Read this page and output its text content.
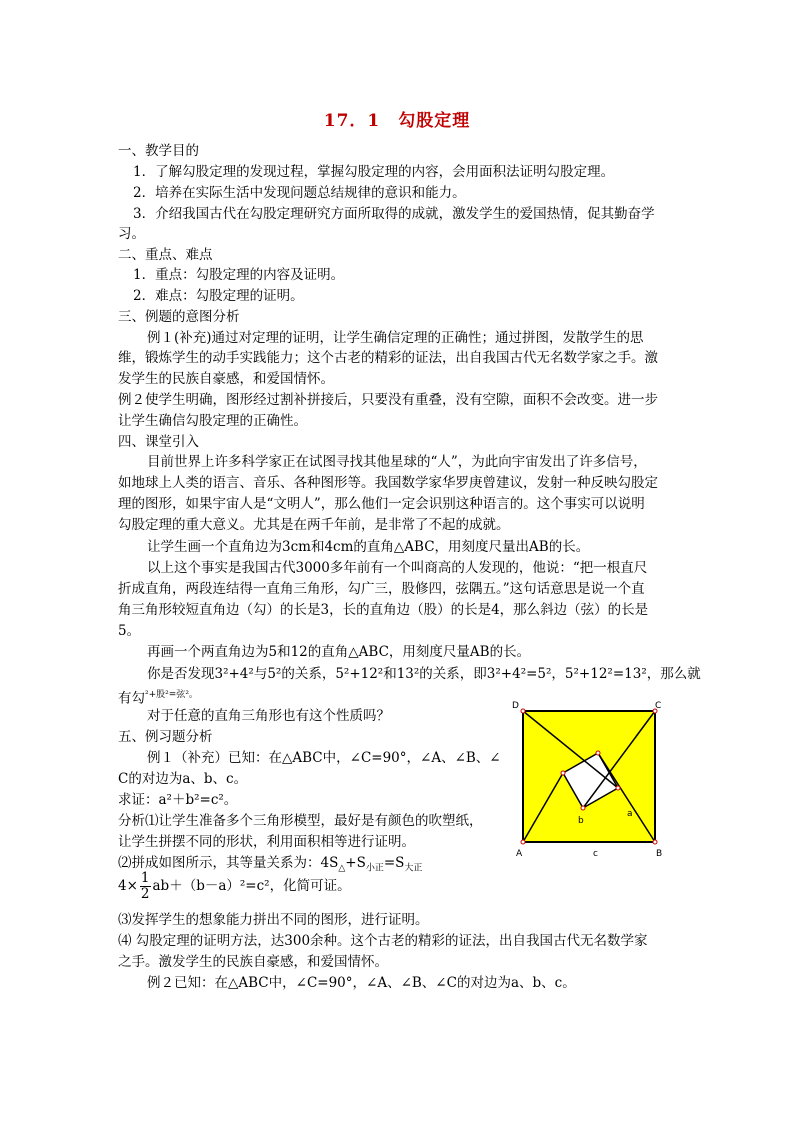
17．1　勾股定理
一、教学目的
1．了解勾股定理的发现过程，掌握勾股定理的内容，会用面积法证明勾股定理。
2．培养在实际生活中发现问题总结规律的意识和能力。
3．介绍我国古代在勾股定理研究方面所取得的成就，激发学生的爱国热情，促其勤奋学
习。
二、重点、难点
1．重点：勾股定理的内容及证明。
2．难点：勾股定理的证明。
三、例题的意图分析
例１(补充)通过对定理的证明，让学生确信定理的正确性；通过拼图，发散学生的思
维，锻炼学生的动手实践能力；这个古老的精彩的证法，出自我国古代无名数学家之手。激
发学生的民族自豪感，和爱国情怀。
例２使学生明确，图形经过割补拼接后，只要没有重叠，没有空隙，面积不会改变。进一步
让学生确信勾股定理的正确性。
四、课堂引入
目前世界上许多科学家正在试图寻找其他星球的“人”，为此向宇宙发出了许多信号，
如地球上人类的语言、音乐、各种图形等。我国数学家华罗庚曾建议，发射一种反映勾股定
理的图形，如果宇宙人是“文明人”，那么他们一定会识别这种语言的。这个事实可以说明
勾股定理的重大意义。尤其是在两千年前，是非常了不起的成就。
让学生画一个直角边为3cm和4cm的直角△ABC，用刻度尺量出AB的长。
以上这个事实是我国古代3000多年前有一个叫商高的人发现的，他说：“把一根直尺
折成直角，两段连结得一直角三角形，勾广三，股修四，弦隅五。”这句话意思是说一个直
角三角形较短直角边（勾）的长是3，长的直角边（股）的长是4，那么斜边（弦）的长是
5。
再画一个两直角边为5和12的直角△ABC，用刻度尺量AB的长。
你是否发现3²+4²与5²的关系，5²+12²和13²的关系，即3²+4²=5²，5²+12²=13²，那么就
有勾$^{^2+股^2=弦^2。}$
对于任意的直角三角形也有这个性质吗？
五、例习题分析
例１（补充）已知：在△ABC中，∠C=90°，∠A、∠B、∠
C的对边为a、b、c。
求证：a²＋b²=c²。
分析⑴让学生准备多个三角形模型，最好是有颜色的吹塑纸，
让学生拼摆不同的形状，利用面积相等进行证明。
⑵拼成如图所示，其等量关系为：$4S_\triangle+S_{小正}=S_{大正}$
$4\times \frac{1}{2} ab+(b-a)^2=c^2$，化简可证。
⑶发挥学生的想象能力拼出不同的图形，进行证明。
⑷ 勾股定理的证明方法，达300余种。这个古老的精彩的证法，出自我国古代无名数学家
之手。激发学生的民族自豪感，和爱国情怀。
例２已知：在△ABC中，∠C=90°，∠A、∠B、∠C的对边为a、b、c。
D	C
A	B
a
b
c
